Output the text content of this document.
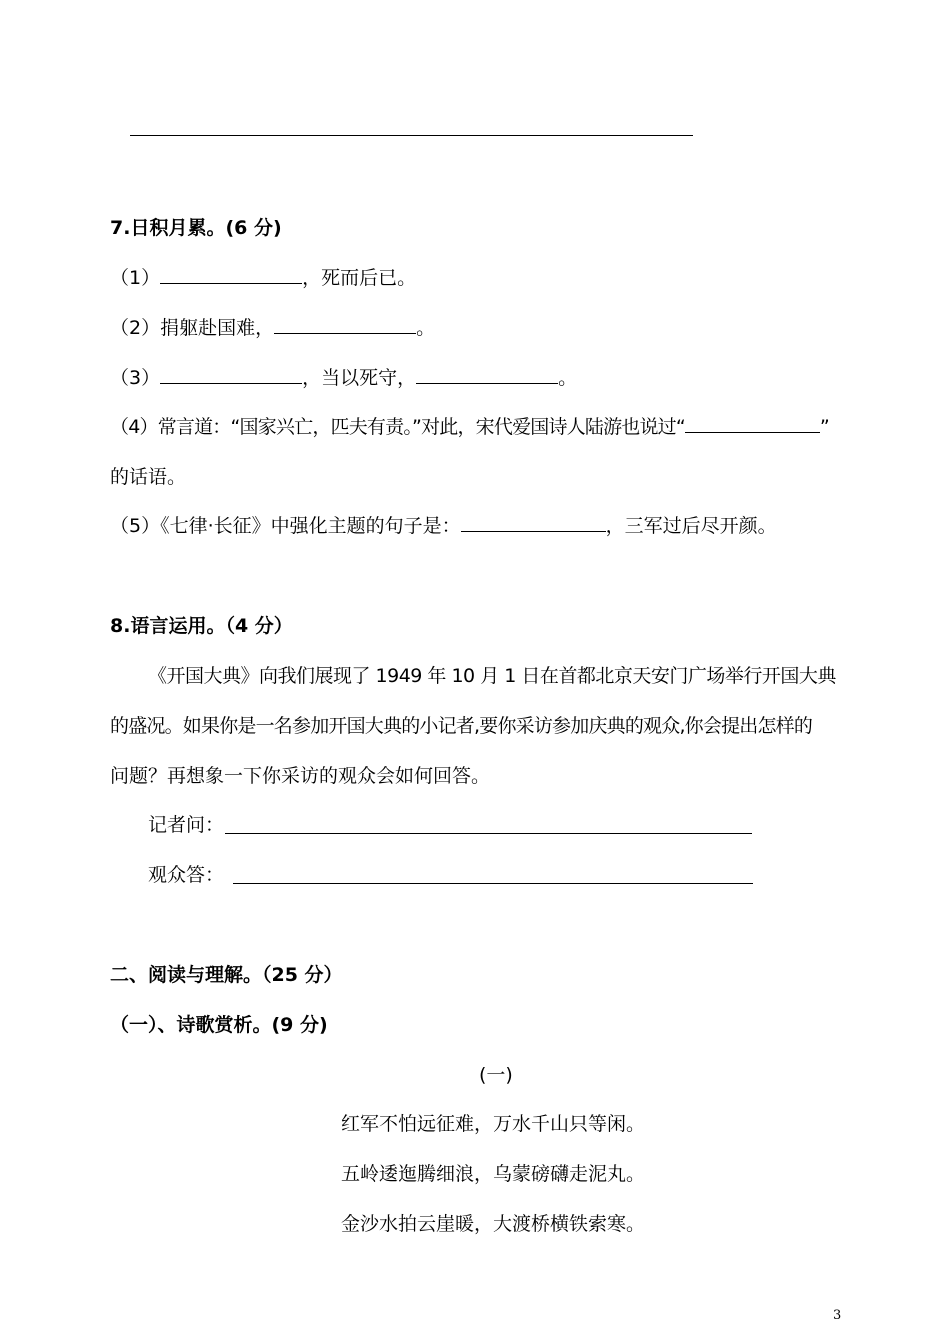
7.日积月累。(6 分)
（1）	，死而后已。
（2）捐躯赴国难，	。
（3）	，当以死守，	。
（4）常言道：“国家兴亡，匹夫有责。”对此，宋代爱国诗人陆游也说过“	”
的话语。
（5）《七律·长征》中强化主题的句子是：	，三军过后尽开颜。
8.语言运用。（4 分）
《开国大典》向我们展现了 1949 年 10 月 1 日在首都北京天安门广场举行开国大典
的盛况。如果你是一名参加开国大典的小记者,要你采访参加庆典的观众,你会提出怎样的
问题？再想象一下你采访的观众会如何回答。
记者问：
观众答：
二、阅读与理解。（25 分）
（一）、诗歌赏析。(9 分)
(一)
红军不怕远征难，万水千山只等闲。
五岭逶迤腾细浪，乌蒙磅礴走泥丸。
金沙水拍云崖暖，大渡桥横铁索寒。
3
